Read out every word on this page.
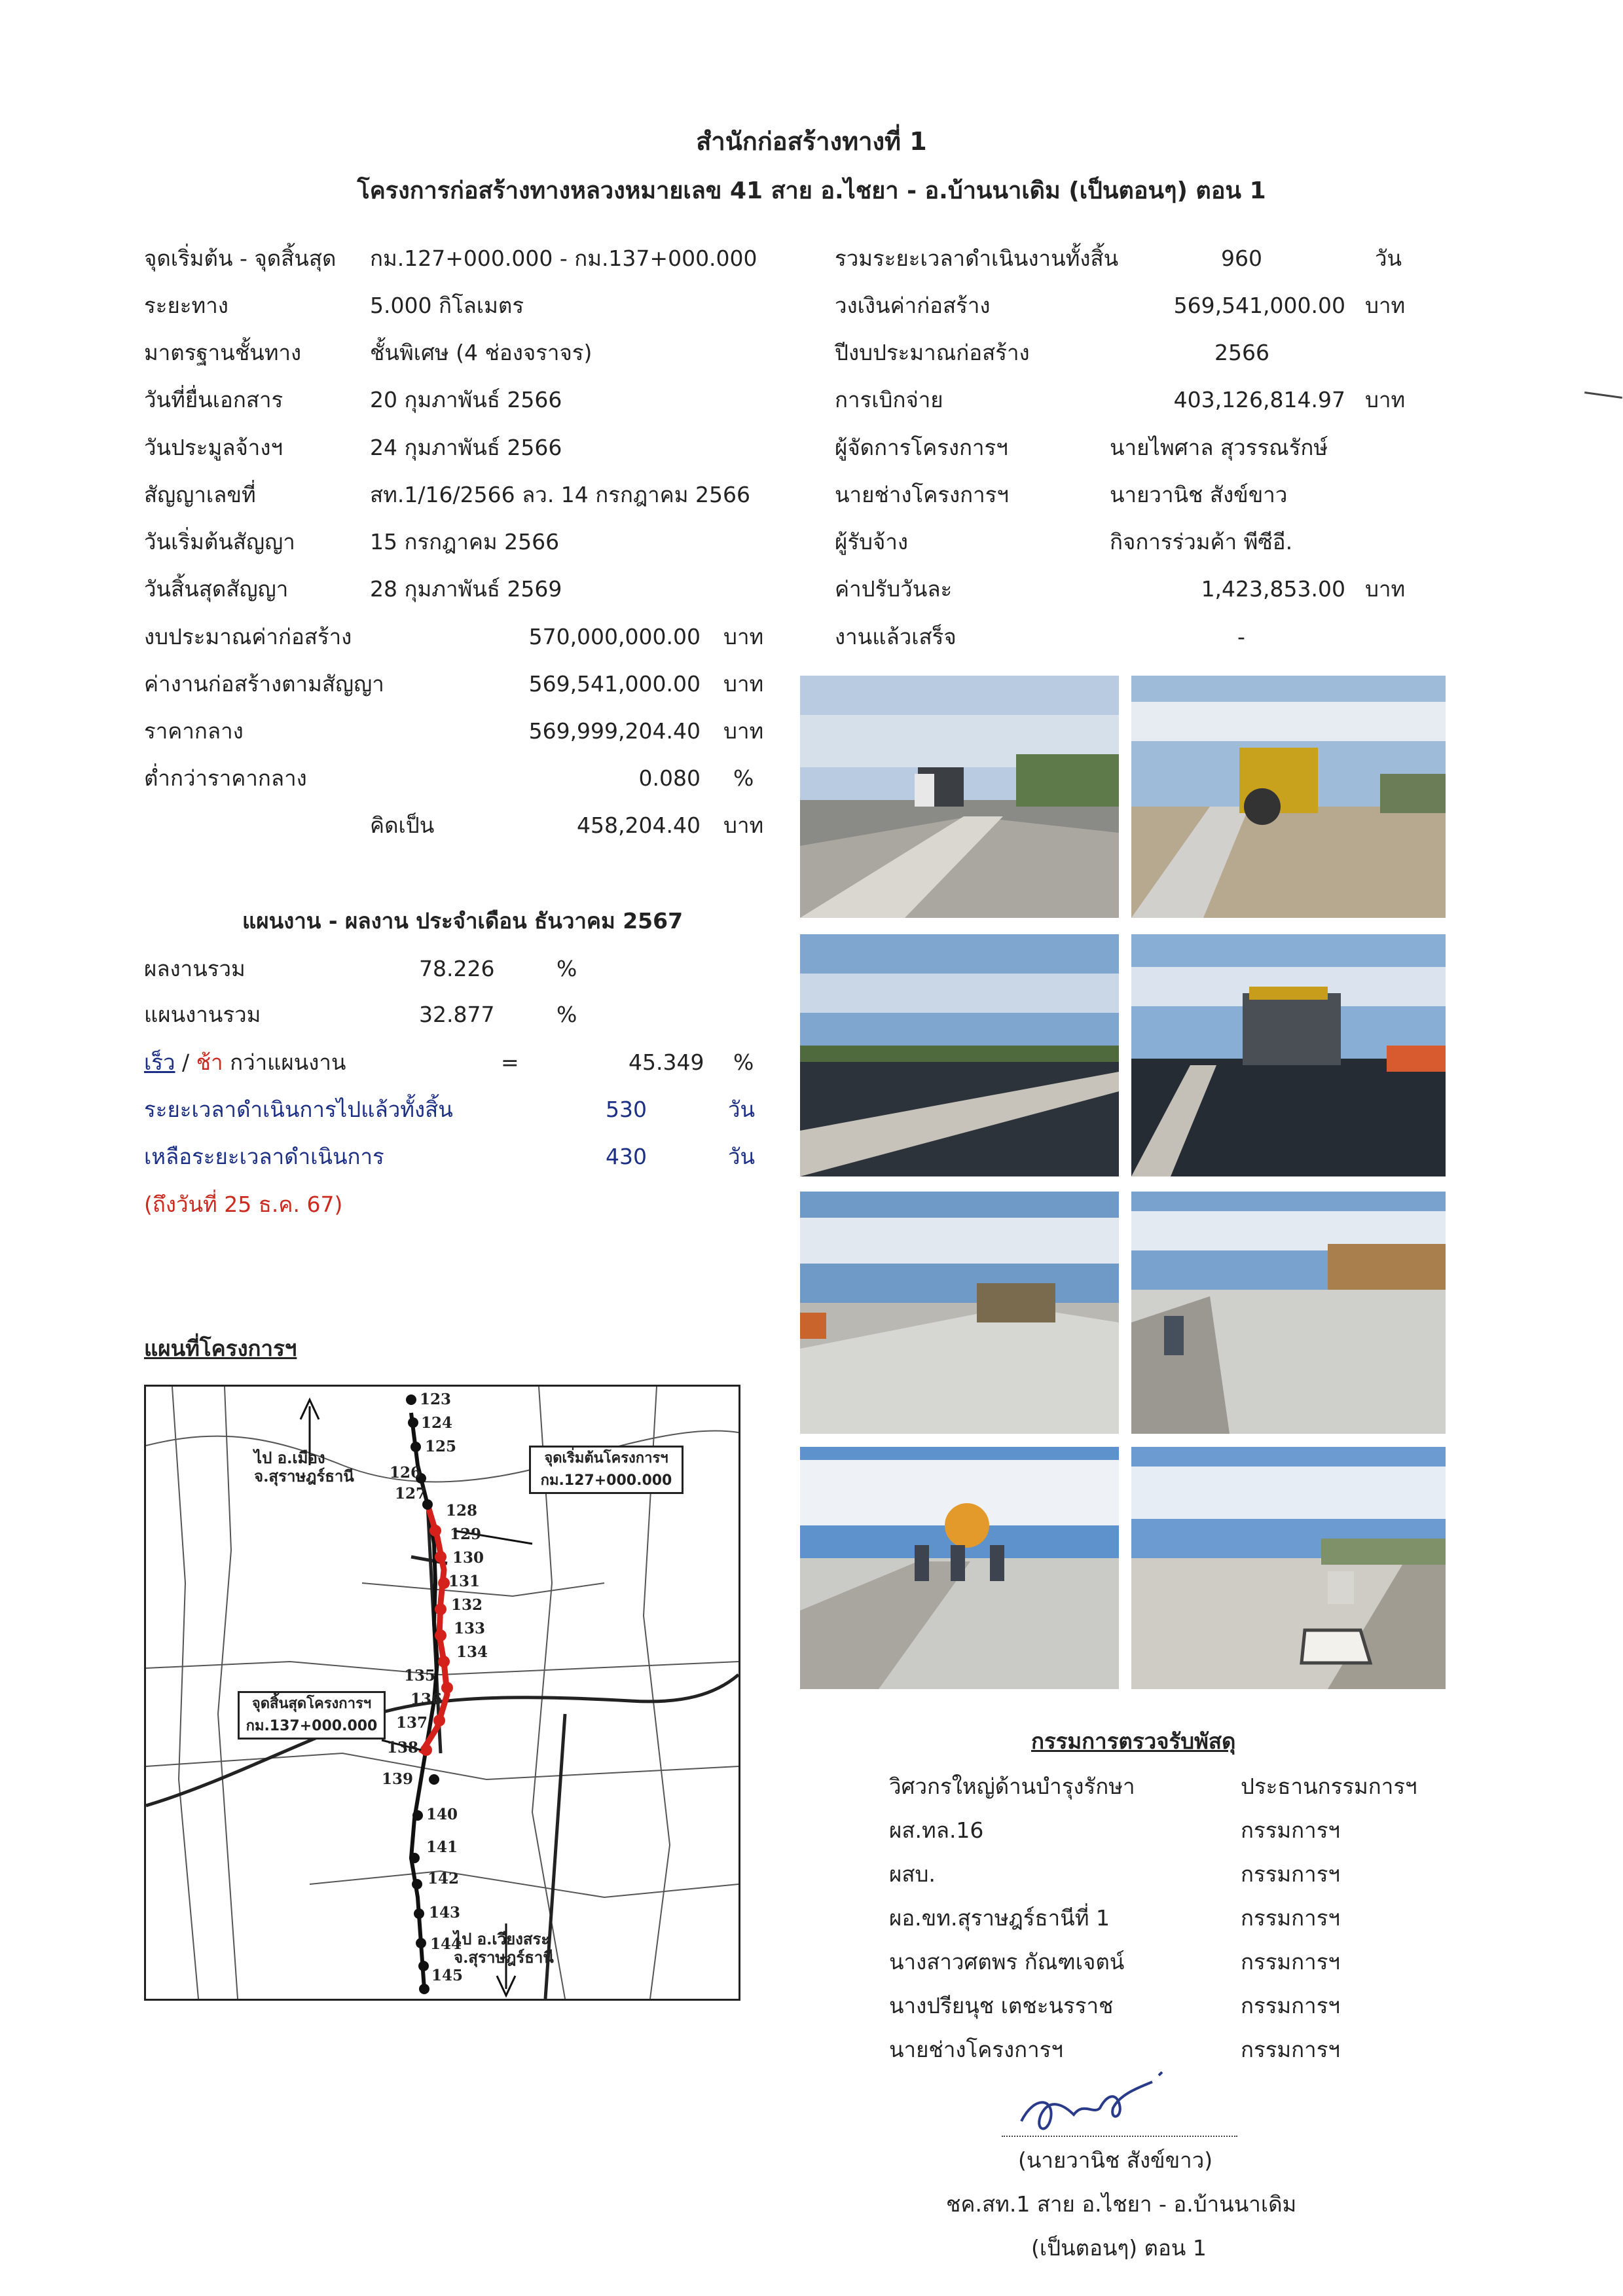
สำนักก่อสร้างทางที่ 1
โครงการก่อสร้างทางหลวงหมายเลข 41 สาย อ.ไชยา - อ.บ้านนาเดิม (เป็นตอนๆ) ตอน 1
จุดเริ่มต้น - จุดสิ้นสุด กม.127+000.000 - กม.137+000.000
ระยะทาง	5.000 กิโลเมตร
มาตรฐานชั้นทาง	ชั้นพิเศษ (4 ช่องจราจร)
วันที่ยื่นเอกสาร	20 กุมภาพันธ์ 2566
วันประมูลจ้างฯ	24 กุมภาพันธ์ 2566
สัญญาเลขที่	สท.1/16/2566 ลว. 14 กรกฎาคม 2566
วันเริ่มต้นสัญญา	15 กรกฎาคม 2566
วันสิ้นสุดสัญญา	28 กุมภาพันธ์ 2569
งบประมาณค่าก่อสร้าง	570,000,000.00 บาท
ค่างานก่อสร้างตามสัญญา	569,541,000.00 บาท
ราคากลาง	569,999,204.40 บาท
ต่ำกว่าราคากลาง	0.080 %
คิดเป็น	458,204.40 บาท
รวมระยะเวลาดำเนินงานทั้งสิ้น	960	วัน
วงเงินค่าก่อสร้าง	569,541,000.00 บาท
ปีงบประมาณก่อสร้าง	2566
การเบิกจ่าย	403,126,814.97 บาท
ผู้จัดการโครงการฯ	นายไพศาล สุวรรณรักษ์
นายช่างโครงการฯ	นายวานิช สังข์ขาว
ผู้รับจ้าง	กิจการร่วมค้า พีซีอี.
ค่าปรับวันละ	1,423,853.00 บาท
งานแล้วเสร็จ	-
แผนงาน - ผลงาน ประจำเดือน ธันวาคม 2567
ผลงานรวม	78.226	%
แผนงานรวม	32.877	%
เร็ว / ช้า กว่าแผนงาน	=	45.349 %
ระยะเวลาดำเนินการไปแล้วทั้งสิ้น	530	วัน
เหลือระยะเวลาดำเนินการ	430	วัน
(ถึงวันที่ 25 ธ.ค. 67)
แผนที่โครงการฯ
ไป อ.เมือง
จ.สุราษฎร์ธานี
ไป อ.เวียงสระ
จ.สุราษฎร์ธานี
จุดเริ่มต้นโครงการฯ
กม.127+000.000
จุดสิ้นสุดโครงการฯ
กม.137+000.000
123
124
125
126
127
128
129
130
131
132
133
134
135
136
137
138
139
140
141
142
143
144
145
กรรมการตรวจรับพัสดุ
วิศวกรใหญ่ด้านบำรุงรักษา	ประธานกรรมการฯ
ผส.ทล.16	กรรมการฯ
ผสบ.	กรรมการฯ
ผอ.ขท.สุราษฎร์ธานีที่ 1	กรรมการฯ
นางสาวศตพร กัณฑเจตน์	กรรมการฯ
นางปรียนุช เตชะนรราช	กรรมการฯ
นายช่างโครงการฯ	กรรมการฯ
(นายวานิช สังข์ขาว)
ชค.สท.1 สาย อ.ไชยา - อ.บ้านนาเดิม
(เป็นตอนๆ) ตอน 1
